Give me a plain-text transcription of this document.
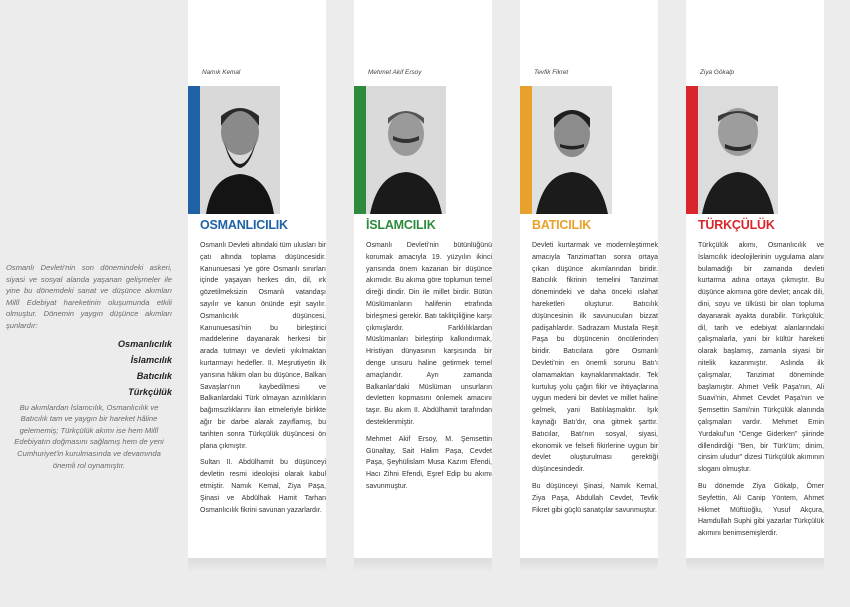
Osmanlı Devleti'nin son dönemindeki askeri, siyasi ve sosyal alanda yaşanan gelişmeler ile yine bu dönemdeki sanat ve düşünce akımları Millî Edebiyat hareketinin oluşumunda etkili olmuştur. Dönemin yaygın düşünce akımları şunlardır:

Osmanlıcılık
İslamcılık
Batıcılık
Türkçülük

Bu akımlardan İslamcılık, Osmanlıcılık ve Batıcılık tam ve yaygın bir hareket hâline gelememiş; Türkçülük akımı ise hem Millî Edebiyatın doğmasını sağlamış hem de yeni Cumhuriyet'in kurulmasında ve devamında önemli rol oynamıştır.

Namık Kemal
OSMANLICILIK

Osmanlı Devleti altındaki tüm ulusları bir çatı altında toplama düşüncesidir. Kanunuesasi 'ye göre Osmanlı sınırları içinde yaşayan herkes din, dil, ırk gözetilmeksizin Osmanlı vatandaşı sayılır ve kanun önünde eşit sayılır. Osmanlıcılık düşüncesi, Kanunuesasi'nin bu birleştirici maddelerine dayanarak herkesi bir arada tutmayı ve devleti yıkılmaktan kurtarmayı hedefler. II. Meşrutiyetin ilk yarısına hâkim olan bu düşünce, Balkan Savaşları'nın kaybedilmesi ve Balkanlardaki Türk olmayan azınlıkların bağımsızlıklarını ilan etmeleriyle birlikte ağır bir darbe alarak zayıflamış, bu tarihten sonra Türkçülük düşüncesi ön plana çıkmıştır.

Sultan II. Abdülhamit bu düşünceyi devletin resmi ideolojisi olarak kabul etmiştir. Namık Kemal, Ziya Paşa, Şinasi ve Abdülhak Hamit Tarhan Osmanlıcılık fikrini savunan yazarlardır.

Mehmet Akif Ersoy
İSLAMCILIK

Osmanlı Devleti'nin bütünlüğünü korumak amacıyla 19. yüzyılın ikinci yarısında önem kazanan bir düşünce akımıdır. Bu akıma göre toplumun temel direği dindir. Din ile millet birdir. Bütün Müslümanların halifenin etrafında birleşmesi gerekir. Batı taklitçiliğine karşı çıkmışlardır. Farklılıklardan Müslümanları birleştirip kalkındırmak, Hristiyan dünyasının karşısında bir denge unsuru haline getirmek temel amaçlarıdır. Ayrı zamanda Balkanlar'daki Müslüman unsurların devletten kopmasını önlemek amacını taşır. Bu akım II. Abdülhamit tarafından desteklenmiştir.

Mehmet Akif Ersoy, M. Şemsettin Günaltay, Sait Halim Paşa, Cevdet Paşa, Şeyhülislam Musa Kazım Efendi, Hacı Zihni Efendi, Eşref Edip bu akımı savunmuştur.

Tevfik Fikret
BATICILIK

Devleti kurtarmak ve modernleştirmek amacıyla Tanzimat'tan sonra ortaya çıkan düşünce akımlarından biridir. Batıcılık fikrinin temelini Tanzimat dönemindeki ve daha önceki ıslahat hareketleri oluşturur. Batıcılık düşüncesinin ilk savunucuları bizzat padişahlardır. Sadrazam Mustafa Reşit Paşa bu düşüncenin öncülerinden biridir. Batıcılara göre Osmanlı Devleti'nin en önemli sorunu Batı'ı olamamaktan kaynaklanmaktadır. Tek kurtuluş yolu çağın fikir ve ihtiyaçlarına uygun medeni bir devlet ve millet haline gelmek, yani Batılılaşmaktır. Işık kaynağı Batı'dır, ona gitmek şarttır. Batıcılar, Batı'nın sosyal, siyasi, ekonomik ve felsefi fikirlerine uygun bir devlet oluşturulması gerektiği düşüncesindedir.

Bu düşünceyi Şinasi, Namık Kemal, Ziya Paşa, Abdullah Cevdet, Tevfik Fikret gibi güçlü sanatçılar savunmuştur.

Ziya Gökalp
TÜRKÇÜLÜK

Türkçülük akımı, Osmanlıcılık ve İslamcılık ideolojilerinin uygulama alanı bulamadığı bir zamanda devleti kurtarma adına ortaya çıkmıştır. Bu düşünce akımına göre devlet; ancak dili, dini, soyu ve ülküsü bir olan topluma dayanarak ayakta durabilir. Türkçülük; dil, tarih ve edebiyat alanlarındaki çalışmalarla, yani bir kültür hareketi olarak başlamış, zamanla siyasi bir nitelik kazanmıştır. Aslında ilk çalışmalar, Tanzimat döneminde başlamıştır. Ahmet Vefik Paşa'nın, Ali Suavi'nin, Ahmet Cevdet Paşa'nın ve Şemsettin Sami'nin Türkçülük alanında çalışmaları vardır. Mehmet Emin Yurdakul'un "Cenge Giderken" şiirinde dillendirdiği "Ben, bir Türk'üm; dinim, cinsim uludur" dizesi Türkçülük akımının sloganı olmuştur.

Bu dönemde Ziya Gökalp, Ömer Seyfettin, Ali Canip Yöntem, Ahmet Hikmet Müftüoğlu, Yusuf Akçura, Hamdullah Suphi gibi yazarlar Türkçülük akımını benimsemişlerdir.
